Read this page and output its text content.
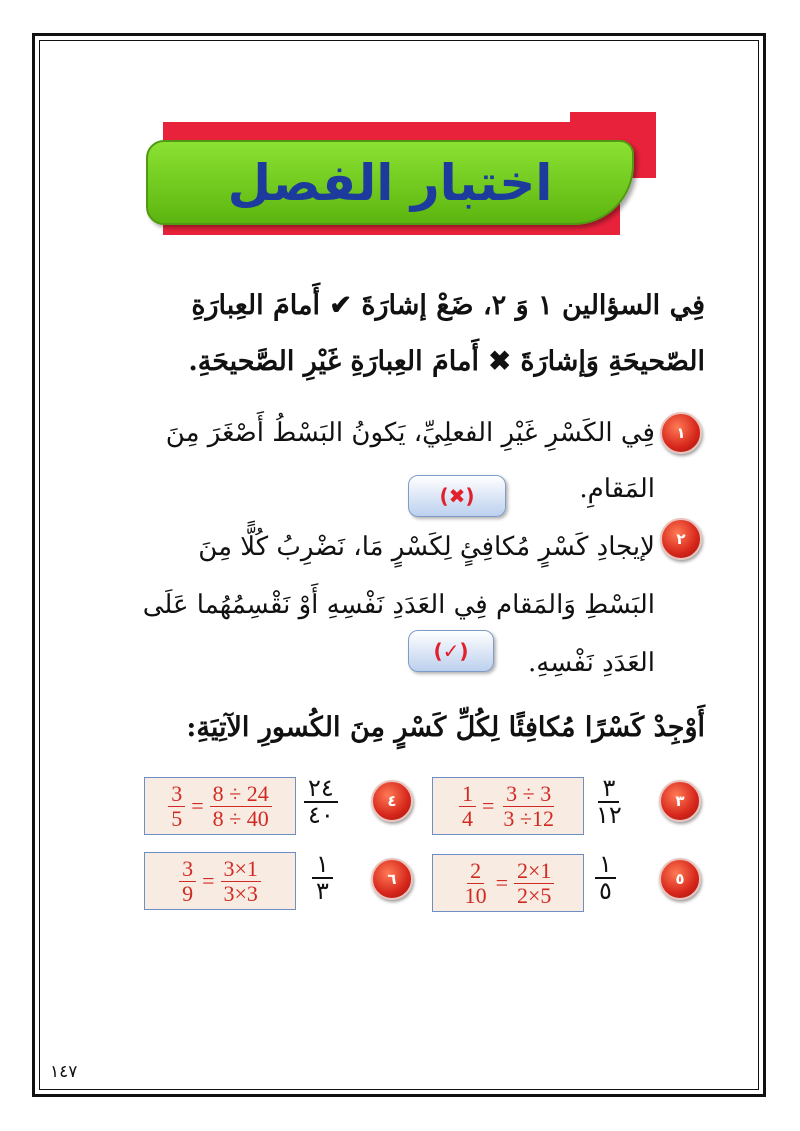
اختبار الفصل
فِي السؤالين ١ وَ ٢، ضَعْ إشارَةَ ✔ أَمامَ العِبارَةِ
الصّحيحَةِ وَإشارَةَ ✖ أَمامَ العِبارَةِ غَيْرِ الصَّحيحَةِ.
١
فِي الكَسْرِ غَيْرِ الفعلِيِّ، يَكونُ البَسْطُ أَصْغَرَ مِنَ
المَقامِ.
(✖)
٢
لإيجادِ كَسْرٍ مُكافِئٍ لِكَسْرٍ مَا، نَضْرِبُ كُلًّا مِنَ
البَسْطِ وَالمَقام فِي العَدَدِ نَفْسِهِ أَوْ نَقْسِمُهُما عَلَى
العَدَدِ نَفْسِهِ.
(✓)
أَوْجِدْ كَسْرًا مُكافِئًا لِكُلِّ كَسْرٍ مِنَ الكُسورِ الآتِيَةِ:
٣
٣
١٢
$\frac{1}{4} = \frac{3 \div 3}{3 \div 12}$
٤
٢٤
٤٠
$\frac{3}{5} = \frac{8 \div 24}{8 \div 40}$
٥
١
٥
$\frac{2}{10} = \frac{2\times 1}{2\times 5}$
٦
١
٣
$\frac{3}{9} = \frac{3\times 1}{3\times 3}$
١٤٧
